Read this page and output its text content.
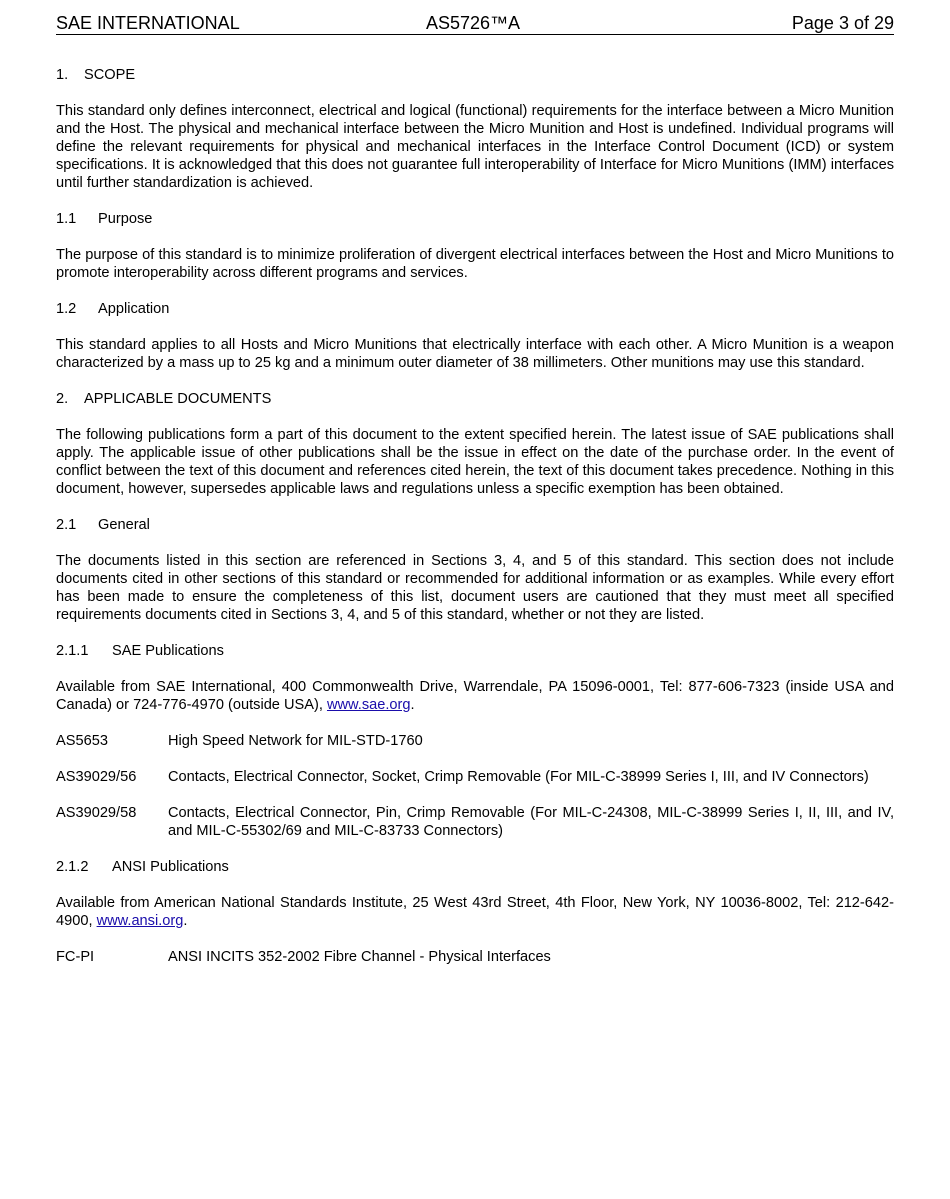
SAE INTERNATIONAL	AS5726™A	Page 3 of 29
1.	SCOPE

This standard only defines interconnect, electrical and logical (functional) requirements for the interface between a Micro Munition and the Host. The physical and mechanical interface between the Micro Munition and Host is undefined. Individual programs will define the relevant requirements for physical and mechanical interfaces in the Interface Control Document (ICD) or system specifications. It is acknowledged that this does not guarantee full interoperability of Interface for Micro Munitions (IMM) interfaces until further standardization is achieved.

1.1	Purpose

The purpose of this standard is to minimize proliferation of divergent electrical interfaces between the Host and Micro Munitions to promote interoperability across different programs and services.

1.2	Application

This standard applies to all Hosts and Micro Munitions that electrically interface with each other. A Micro Munition is a weapon characterized by a mass up to 25 kg and a minimum outer diameter of 38 millimeters. Other munitions may use this standard.

2.	APPLICABLE DOCUMENTS

The following publications form a part of this document to the extent specified herein. The latest issue of SAE publications shall apply. The applicable issue of other publications shall be the issue in effect on the date of the purchase order. In the event of conflict between the text of this document and references cited herein, the text of this document takes precedence. Nothing in this document, however, supersedes applicable laws and regulations unless a specific exemption has been obtained.

2.1	General

The documents listed in this section are referenced in Sections 3, 4, and 5 of this standard. This section does not include documents cited in other sections of this standard or recommended for additional information or as examples. While every effort has been made to ensure the completeness of this list, document users are cautioned that they must meet all specified requirements documents cited in Sections 3, 4, and 5 of this standard, whether or not they are listed.

2.1.1	SAE Publications

Available from SAE International, 400 Commonwealth Drive, Warrendale, PA 15096-0001, Tel: 877-606-7323 (inside USA and Canada) or 724-776-4970 (outside USA), www.sae.org.

AS5653	High Speed Network for MIL-STD-1760
AS39029/56	Contacts, Electrical Connector, Socket, Crimp Removable (For MIL-C-38999 Series I, III, and IV Connectors)
AS39029/58	Contacts, Electrical Connector, Pin, Crimp Removable (For MIL-C-24308, MIL-C-38999 Series I, II, III, and IV, and MIL-C-55302/69 and MIL-C-83733 Connectors)
2.1.2	ANSI Publications

Available from American National Standards Institute, 25 West 43rd Street, 4th Floor, New York, NY 10036-8002, Tel: 212-642-4900, www.ansi.org.

FC-PI	ANSI INCITS 352-2002 Fibre Channel - Physical Interfaces
